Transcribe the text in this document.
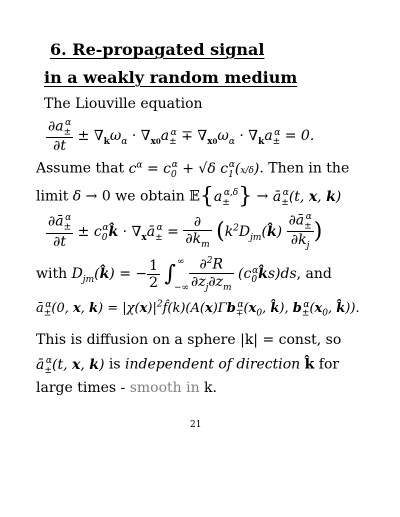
6. Re-propagated signal
in a weakly random medium
The Liouville equation
$\frac{\partial a_\pm^\alpha}{\partial t} \pm \nabla_k\omega_\alpha \cdot \nabla_{x0}a_\pm^\alpha \mp \nabla_{x0}\omega_\alpha \cdot \nabla_ka_\pm^\alpha = 0$.
Assume that $c^\alpha = c_0^\alpha + √\delta$ $c_1^\alpha(x/\delta)$. Then in the
limit δ → 0 we obtain $𝔼\{a_\pm^{\alpha,\delta}\}$ → $ā_\pm^\alpha(t$, x, k)
$\frac{\partial ā_\pm^\alpha}{\partial t}$ ± $c_0^\alpha k̂$ · $\nabla_xā_\pm^\alpha = \frac{\partial}{\partial k_m}$ ($k^2D_{jm}(k̂) \frac{\partial ā_\pm^\alpha}{\partial k_j}$ )
with $D_{jm}(k̂)$ = − $\frac{1}{2} \int_{-\infty}^\infty \frac{\partial^2R}{\partial z_j\partial z_m}$ $(c_0^\alpha k̂s)ds$, and
$ā_\pm^\alpha(0$, x, $k) = |\chi(x)|^2f̂(k)(A(x)\Gamma b_\mp^\alpha(x_0$, k̂), $b_\pm^\alpha(x_0$, k̂)).
This is diffusion on a sphere |k| = const, so
$ā_\pm^\alpha(t$, x, k) is independent of direction k̂ for
large times - smooth in k.
21
